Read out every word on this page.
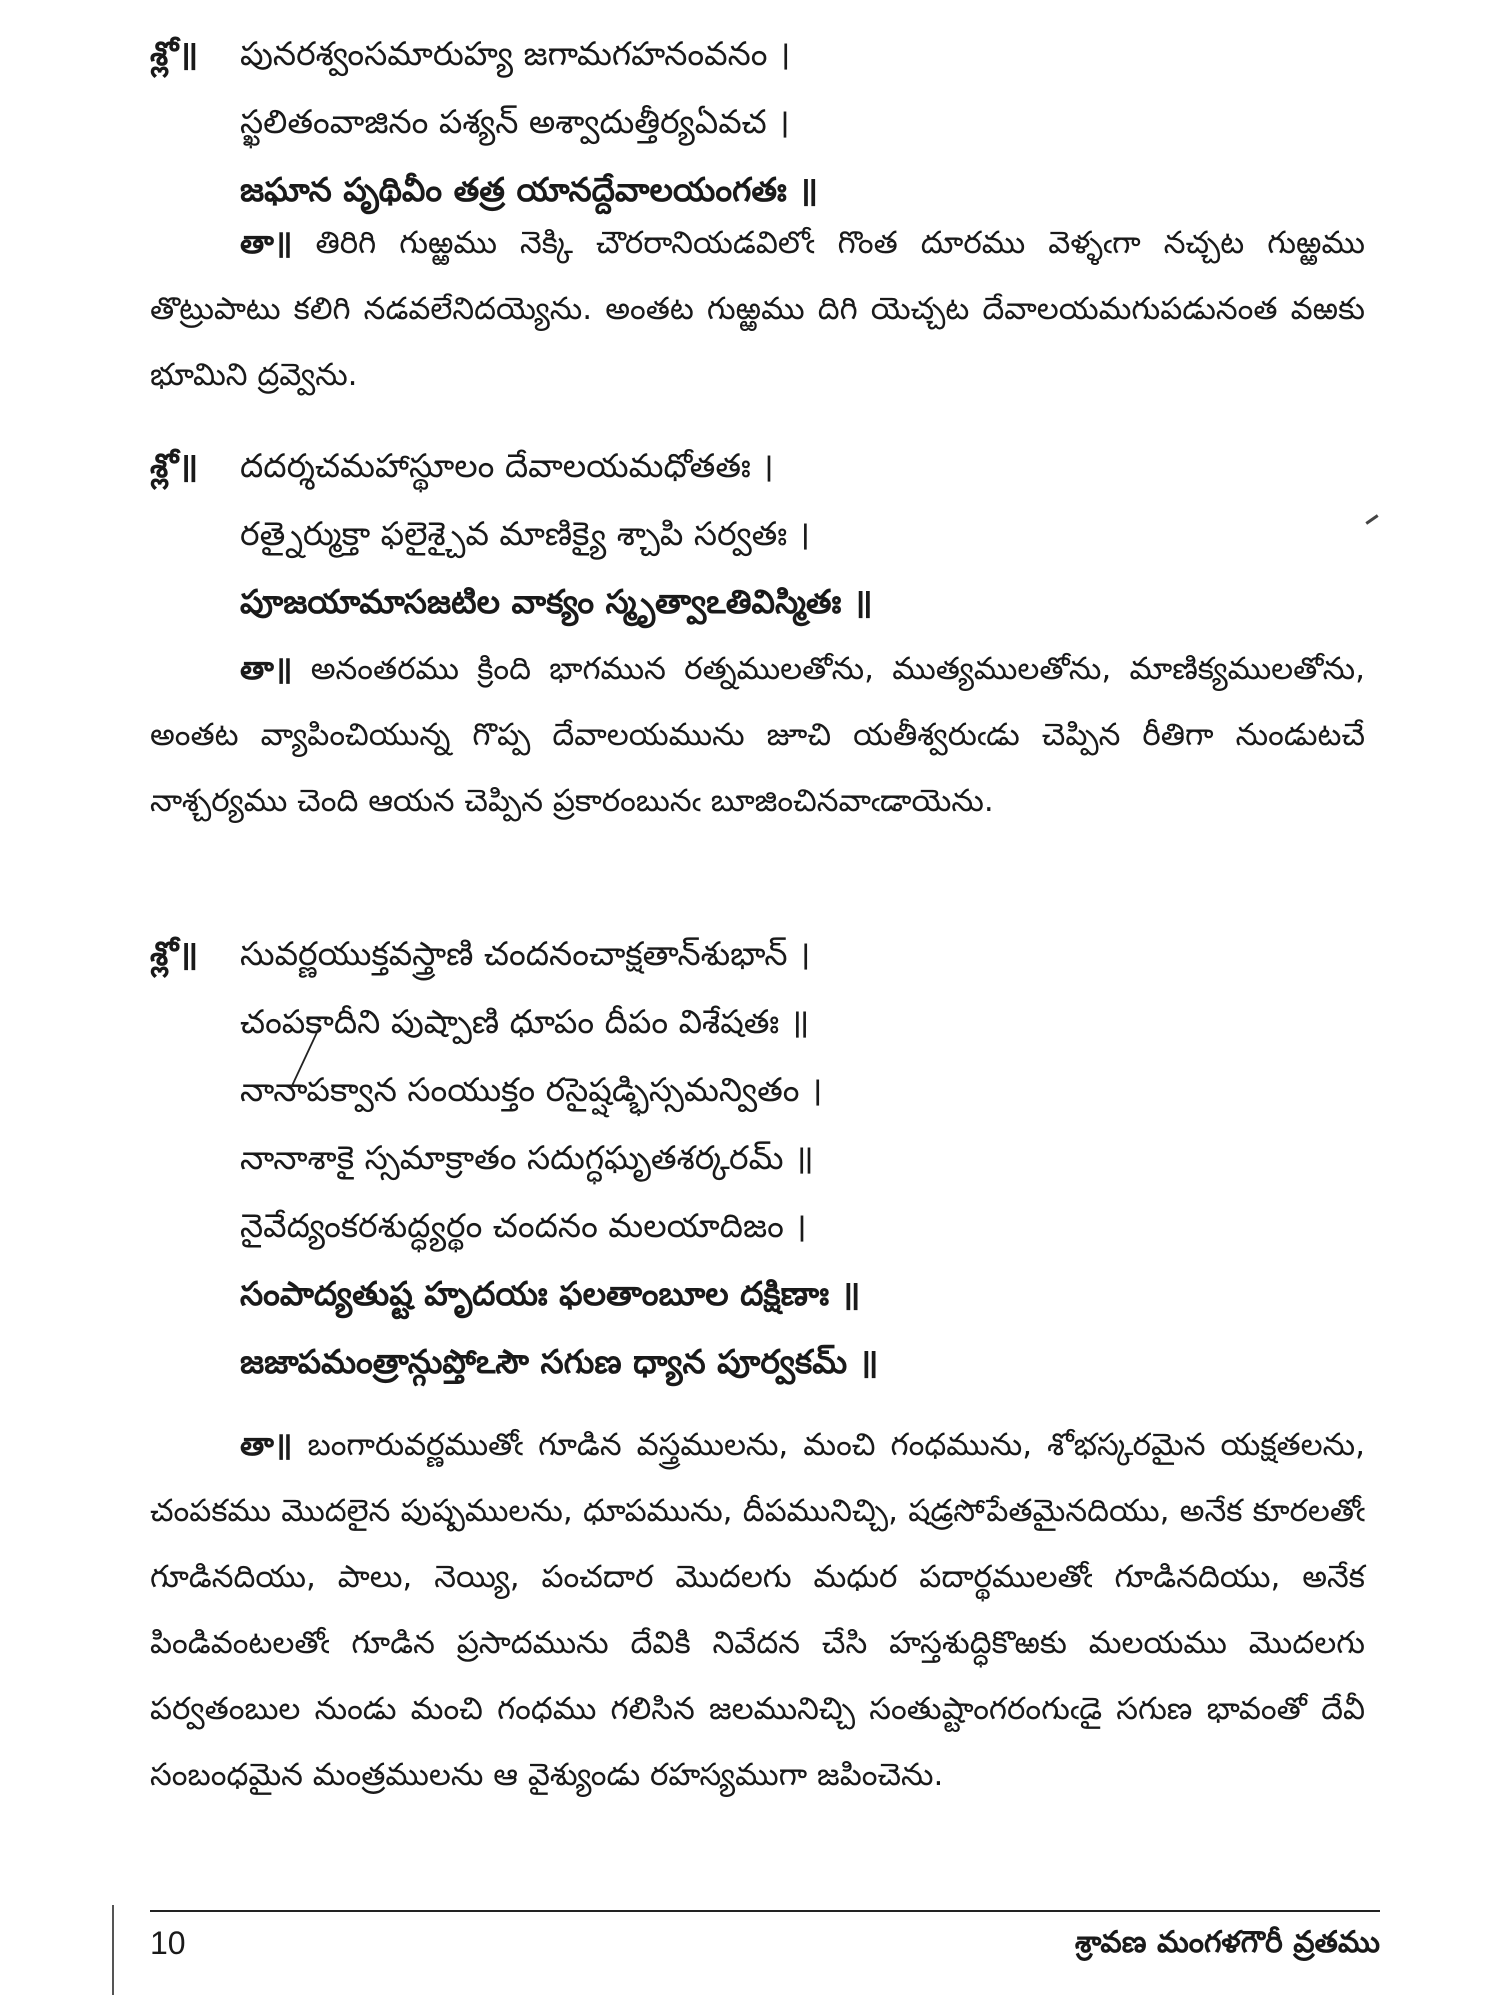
శ్లో॥ పునరశ్వంసమారుహ్య జగామగహనంవనం ।
స్ఖలితంవాజినం పశ్యన్ అశ్వాదుత్తీర్యఏవచ ।
జఘాన పృథివీం తత్ర యానద్దేవాలయంగతః ॥

తా॥ తిరిగి గుఱ్ఱము నెక్కి చౌరరానియడవిలోఁ గొంత దూరము వెళ్ళఁగా నచ్చట గుఱ్ఱము తొట్రుపాటు కలిగి నడవలేనిదయ్యెను. అంతట గుఱ్ఱము దిగి యెచ్చట దేవాలయమగుపడునంత వఱకు భూమిని ద్రవ్వెను.

శ్లో॥ దదర్శచమహాస్థూలం దేవాలయమధోతతః ।
రత్నైర్ముక్తా ఫలైశ్చైవ మాణిక్యై శ్చాపి సర్వతః ।
పూజయామాసజటిల వాక్యం స్మృత్వాఽతివిస్మితః ॥

తా॥ అనంతరము క్రింది భాగమున రత్నములతోను, ముత్యములతోను, మాణిక్యములతోను, అంతట వ్యాపించియున్న గొప్ప దేవాలయమును జూచి యతీశ్వరుఁడు చెప్పిన రీతిగా నుండుటచే నాశ్చర్యము చెంది ఆయన చెప్పిన ప్రకారంబునఁ బూజించినవాఁడాయెను.

శ్లో॥ సువర్ణయుక్తవస్త్రాణి చందనంచాక్షతాన్‌శుభాన్ ।
చంపకాదీని పుష్పాణి ధూపం దీపం విశేషతః ॥
నానాపక్వాన సంయుక్తం రసైష్షడ్భిస్సమన్వితం ।
నానాశాకై స్సమాక్రాతం సదుగ్ధఘృతశర్కరమ్ ॥
నైవేద్యంకరశుద్ధ్యర్థం చందనం మలయాదిజం ।
సంపాద్యతుష్ట హృదయః ఫలతాంబూల దక్షిణాః ॥
జజాపమంత్రాన్గుప్తోఽసౌ సగుణ ధ్యాన పూర్వకమ్ ॥

తా॥ బంగారువర్ణముతోఁ గూడిన వస్త్రములను, మంచి గంధమును, శోభస్కరమైన యక్షతలను, చంపకము మొదలైన పుష్పములను, ధూపమును, దీపమునిచ్చి, షడ్రసోపేతమైనదియు, అనేక కూరలతోఁ గూడినదియు, పాలు, నెయ్యి, పంచదార మొదలగు మధుర పదార్థములతోఁ గూడినదియు, అనేక పిండివంటలతోఁ గూడిన ప్రసాదమును దేవికి నివేదన చేసి హస్తశుద్ధికొఱకు మలయము మొదలగు పర్వతంబుల నుండు మంచి గంధము గలిసిన జలమునిచ్చి సంతుష్టాంగరంగుఁడై సగుణ భావంతో దేవీ సంబంధమైన మంత్రములను ఆ వైశ్యుండు రహస్యముగా జపించెను.

10	శ్రావణ మంగళగౌరీ వ్రతము
